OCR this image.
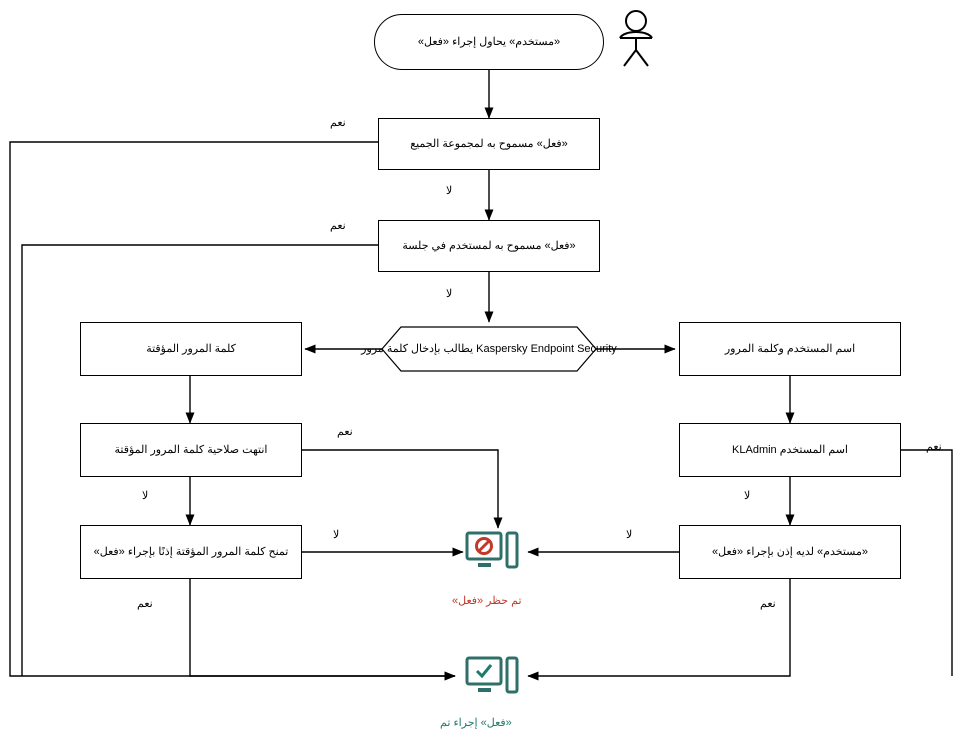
«مستخدم» يحاول إجراء «فعل»
«فعل» مسموح به لمجموعة الجميع
«فعل» مسموح به لمستخدم في جلسة
Kaspersky Endpoint Security يطالب بإدخال كلمة مرور
كلمة المرور المؤقتة	اسم المستخدم وكلمة المرور
انتهت صلاحية كلمة المرور المؤقتة	اسم المستخدم KLAdmin
تمنح كلمة المرور المؤقتة إذنًا بإجراء «فعل»	«مستخدم» لديه إذن بإجراء «فعل»
نعم
لا
نعم
لا
نعم
لا
لا
نعم
نعم
لا
لا
نعم
تم حظر «فعل»
«فعل» إجراء تم
